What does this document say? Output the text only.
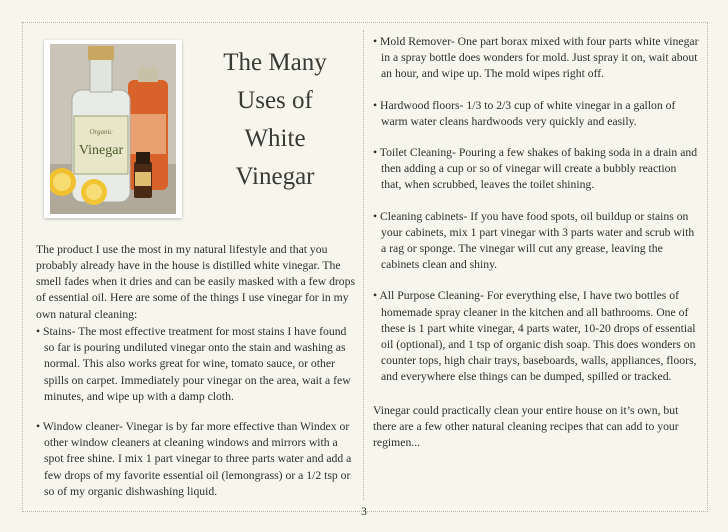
Organic
Vinegar
The Many
Uses of
White
Vinegar

The product I use the most in my natural lifestyle and that you probably already have in the house is distilled white vinegar. The smell fades when it dries and can be easily masked with a few drops of essential oil. Here are some of the things I use vinegar for in my own natural cleaning:

• Stains- The most effective treatment for most stains I have found so far is pouring undiluted vinegar onto the stain and washing as normal. This also works great for wine, tomato sauce, or other spills on carpet. Immediately pour vinegar on the area, wait a few minutes, and wipe up with a damp cloth.

• Window cleaner- Vinegar is by far more effective than Windex or other window cleaners at cleaning windows and mirrors with a spot free shine. I mix 1 part vinegar to three parts water and add a few drops of my favorite essential oil (lemongrass) or a 1/2 tsp or so of my organic dishwashing liquid.

• Mold Remover- One part borax mixed with four parts white vinegar in a spray bottle does wonders for mold. Just spray it on, wait about an hour, and wipe up. The mold wipes right off.

• Hardwood floors- 1/3 to 2/3 cup of white vinegar in a gallon of warm water cleans hardwoods very quickly and easily.

• Toilet Cleaning- Pouring a few shakes of baking soda in a drain and then adding a cup or so of vinegar will create a bubbly reaction that, when scrubbed, leaves the toilet shining.

• Cleaning cabinets- If you have food spots, oil buildup or stains on your cabinets, mix 1 part vinegar with 3 parts water and scrub with a rag or sponge. The vinegar will cut any grease, leaving the cabinets clean and shiny.

• All Purpose Cleaning- For everything else, I have two bottles of homemade spray cleaner in the kitchen and all bathrooms. One of these is 1 part white vinegar, 4 parts water, 10-20 drops of essential oil (optional), and 1 tsp of organic dish soap. This does wonders on counter tops, high chair trays, baseboards, walls, appliances, floors, and everywhere else things can be dumped, spilled or tracked.

Vinegar could practically clean your entire house on it’s own, but there are a few other natural cleaning recipes that can add to your regimen...

3
